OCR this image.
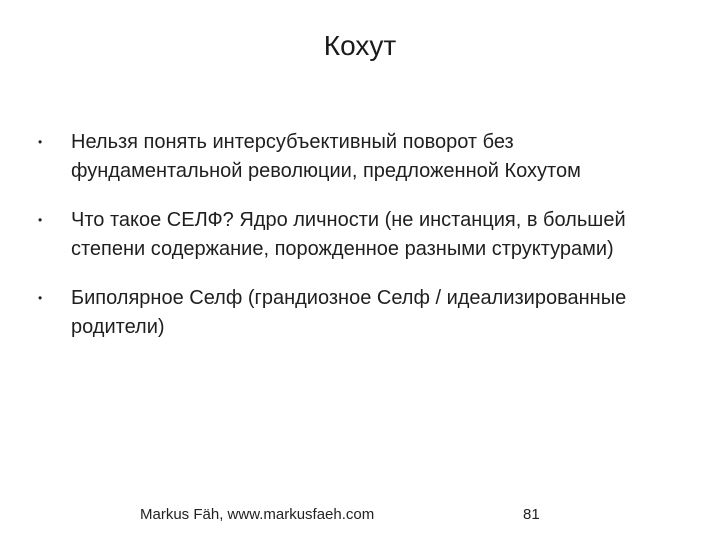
Кохут
• Нельзя понять интерсубъективный поворот без фундаментальной революции, предложенной Кохутом
• Что такое СЕЛФ? Ядро личности (не инстанция, в большей степени содержание, порожденное разными структурами)
• Биполярное Селф (грандиозное Селф / идеализированные родители)
Markus Fäh, www.markusfaeh.com	81
